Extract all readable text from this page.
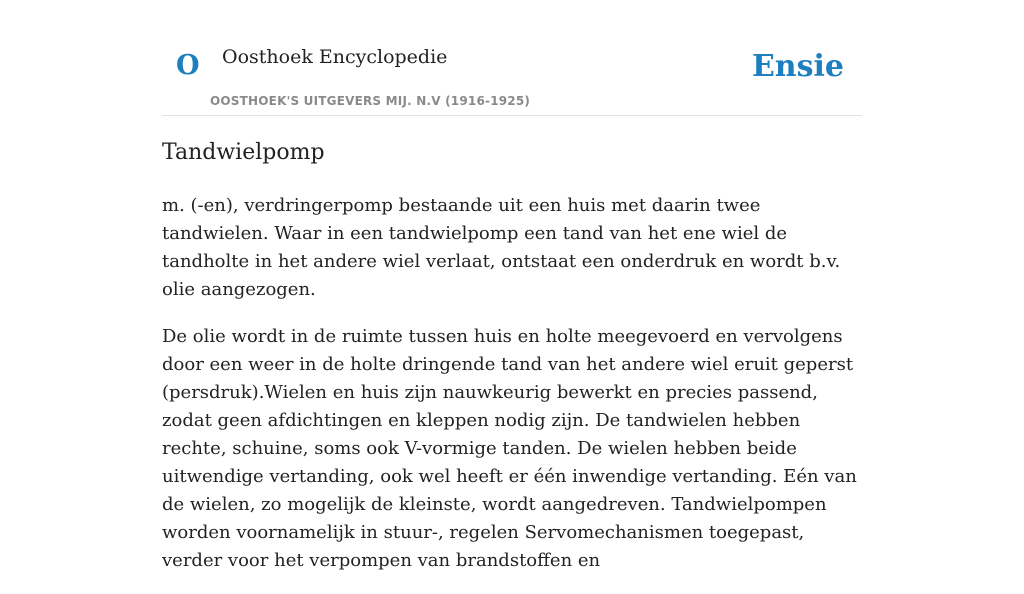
O Oosthoek Encyclopedie
OOSTHOEK'S UITGEVERS MIJ. N.V (1916-1925)
Ensie
Tandwielpomp

m. (-en), verdringerpomp bestaande uit een huis met daarin twee tandwielen. Waar in een tandwielpomp een tand van het ene wiel de tandholte in het andere wiel verlaat, ontstaat een onderdruk en wordt b.v. olie aangezogen.

De olie wordt in de ruimte tussen huis en holte meegevoerd en vervolgens door een weer in de holte dringende tand van het andere wiel eruit geperst (persdruk).Wielen en huis zijn nauwkeurig bewerkt en precies passend, zodat geen afdichtingen en kleppen nodig zijn. De tandwielen hebben rechte, schuine, soms ook V-vormige tanden. De wielen hebben beide uitwendige vertanding, ook wel heeft er één inwendige vertanding. Eén van de wielen, zo mogelijk de kleinste, wordt aangedreven. Tandwielpompen worden voornamelijk in stuur-, regelen Servomechanismen toegepast, verder voor het verpompen van brandstoffen en
